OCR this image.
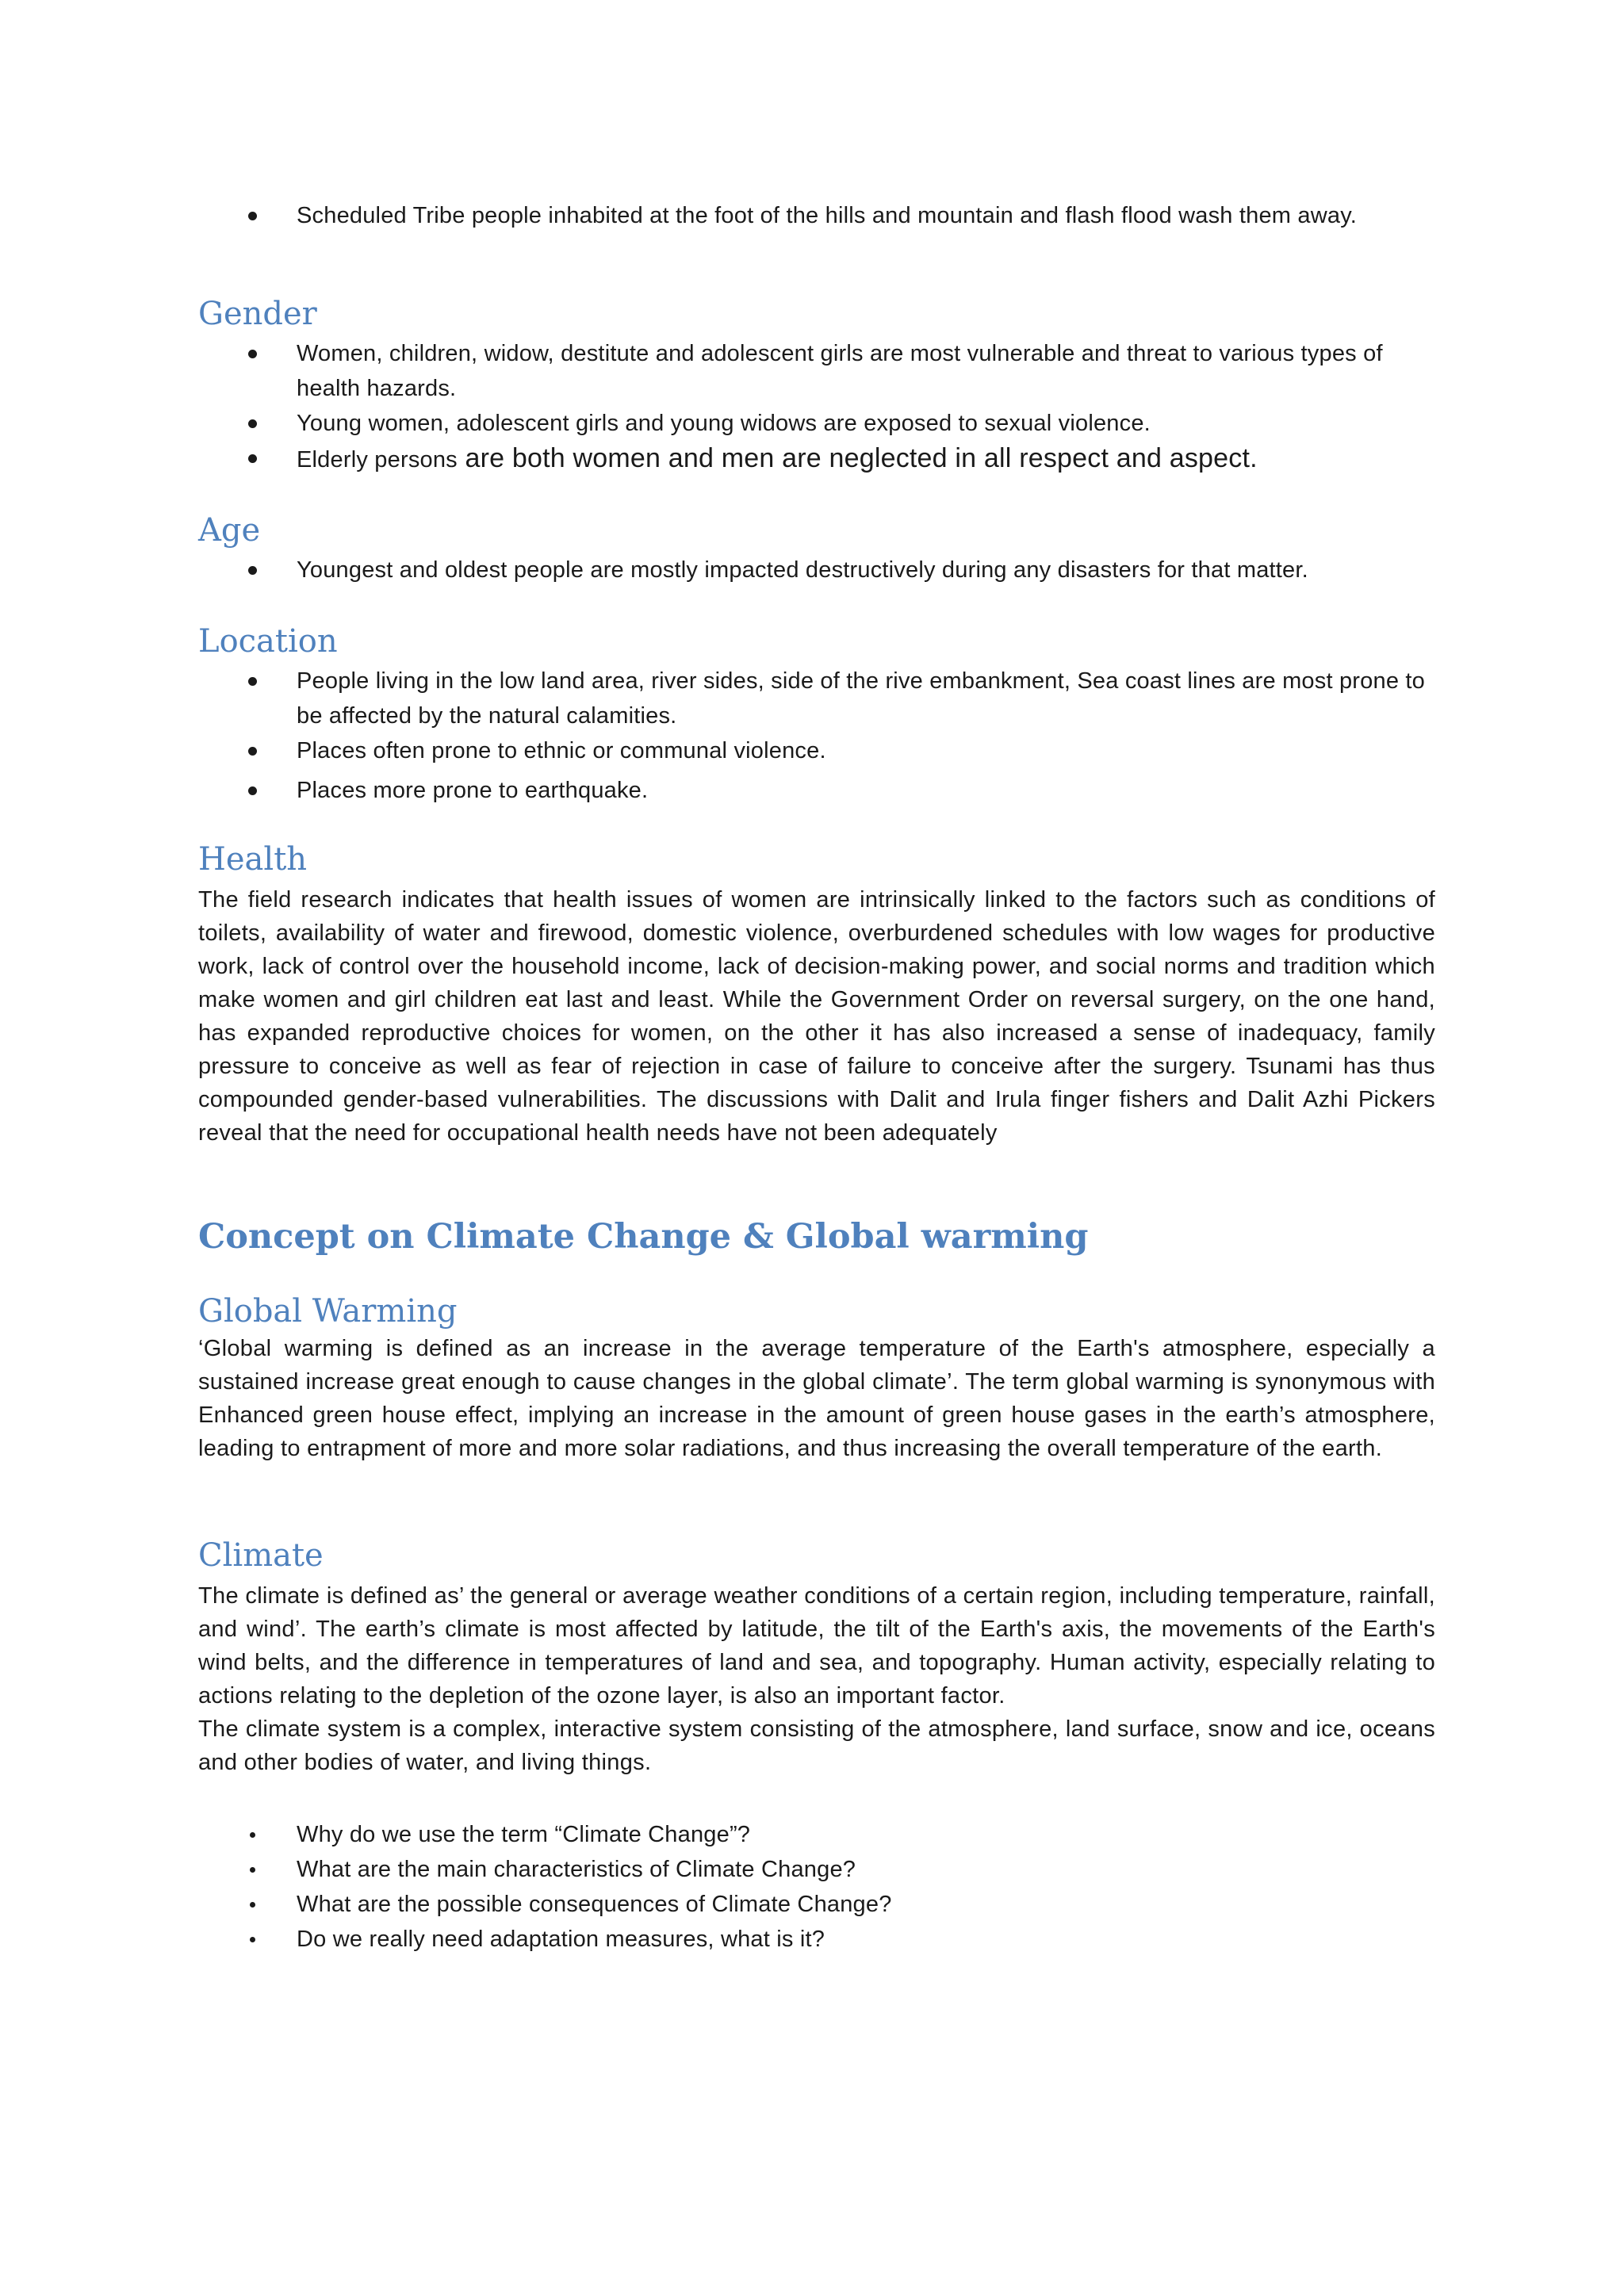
Scheduled Tribe people inhabited at the foot of the hills and mountain and flash flood wash them away.
Gender
Women, children, widow, destitute and adolescent girls are most vulnerable and threat to various types of health hazards.
Young women, adolescent girls and young widows are exposed to sexual violence.
Elderly persons are both women and men are neglected in all respect and aspect.
Age
Youngest and oldest people are mostly impacted destructively during any disasters for that matter.
Location
People living in the low land area, river sides, side of the rive embankment, Sea coast lines are most prone to be affected by the natural calamities.
Places often prone to ethnic or communal violence.
Places more prone to earthquake.
Health

The field research indicates that health issues of women are intrinsically linked to the factors such as conditions of toilets, availability of water and firewood, domestic violence, overburdened schedules with low wages for productive work, lack of control over the household income, lack of decision-making power, and social norms and tradition which make women and girl children eat last and least. While the Government Order on reversal surgery, on the one hand, has expanded reproductive choices for women, on the other it has also increased a sense of inadequacy, family pressure to conceive as well as fear of rejection in case of failure to conceive after the surgery. Tsunami has thus compounded gender-based vulnerabilities. The discussions with Dalit and Irula finger fishers and Dalit Azhi Pickers reveal that the need for occupational health needs have not been adequately

Concept on Climate Change & Global warming
Global Warming

‘Global warming is defined as an increase in the average temperature of the Earth's atmosphere, especially a sustained increase great enough to cause changes in the global climate’. The term global warming is synonymous with Enhanced green house effect, implying an increase in the amount of green house gases in the earth’s atmosphere, leading to entrapment of more and more solar radiations, and thus increasing the overall temperature of the earth.

Climate

The climate is defined as’ the general or average weather conditions of a certain region, including temperature, rainfall, and wind’. The earth’s climate is most affected by latitude, the tilt of the Earth's axis, the movements of the Earth's wind belts, and the difference in temperatures of land and sea, and topography. Human activity, especially relating to actions relating to the depletion of the ozone layer, is also an important factor.

The climate system is a complex, interactive system consisting of the atmosphere, land surface, snow and ice, oceans and other bodies of water, and living things.

Why do we use the term “Climate Change”?
What are the main characteristics of Climate Change?
What are the possible consequences of Climate Change?
Do we really need adaptation measures, what is it?
